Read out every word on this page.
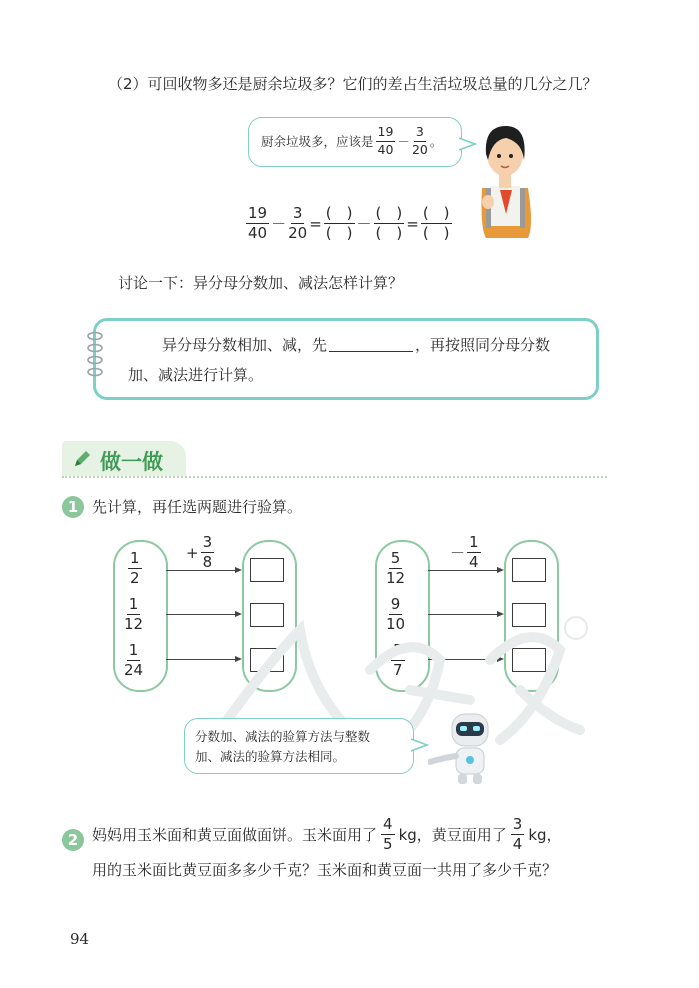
（2）可回收物多还是厨余垃圾多？它们的差占生活垃圾总量的几分之几？
厨余垃圾多，应该是 $\frac{19}{40} - \frac{3}{20}$ 。
$\frac{19}{40} - \frac{3}{20} = \frac{( )}{( )} - \frac{( )}{( )} = \frac{( )}{( )}$
讨论一下：异分母分数加、减法怎样计算？
异分母分数相加、减，先	，再按照同分母分数
加、减法进行计算。
做一做
1 先计算，再任选两题进行验算。
$\frac{1}{2}$
$\frac{1}{12}$
$\frac{1}{24}$
+ $\frac{3}{8}$	$\frac{5}{12}$
$\frac{9}{10}$
$\frac{5}{7}$
－ $\frac{1}{4}$
分数加、减法的验算方法与整数
加、减法的验算方法相同。
2 妈妈用玉米面和黄豆面做面饼。玉米面用了 $\frac{4}{5}$ kg，黄豆面用了 $\frac{3}{4}$ kg，
用的玉米面比黄豆面多多少千克？玉米面和黄豆面一共用了多少千克？
94
